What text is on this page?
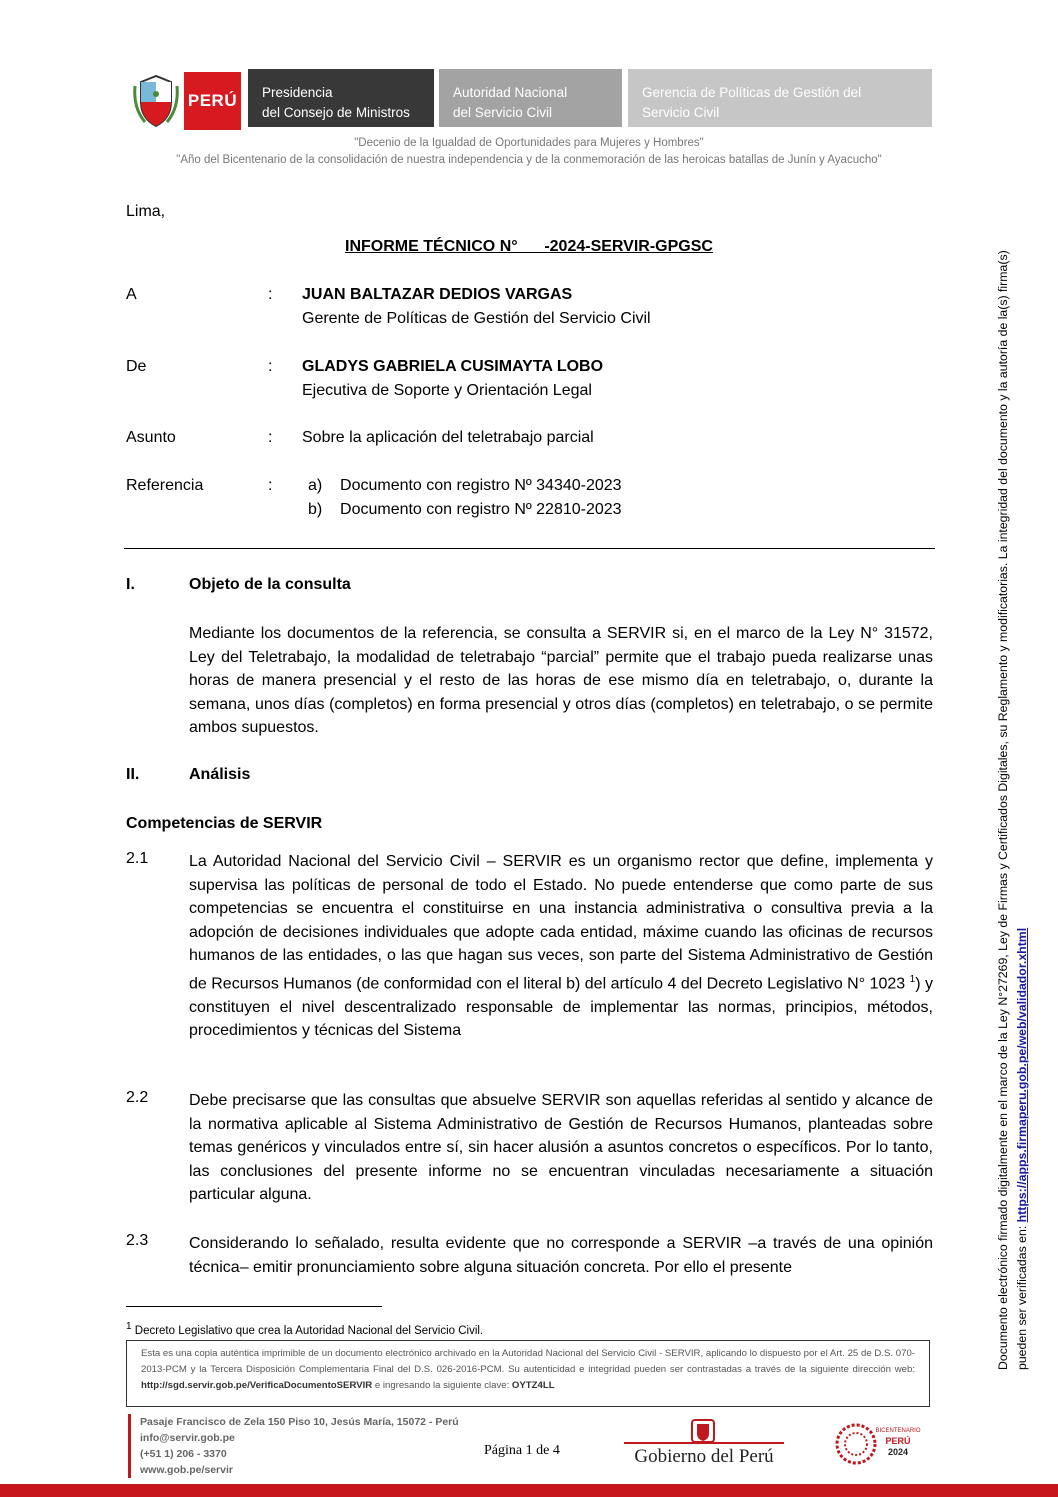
PERÚ Presidencia
del Consejo de Ministros
Autoridad Nacional
del Servicio Civil
Gerencia de Políticas de Gestión del
Servicio Civil
"Decenio de la Igualdad de Oportunidades para Mujeres y Hombres"
"Año del Bicentenario de la consolidación de nuestra independencia y de la conmemoración de las heroicas batallas de Junín y Ayacucho"
Lima,
INFORME TÉCNICO N°      -2024-SERVIR-GPGSC
A	: JUAN BALTAZAR DEDIOS VARGAS
Gerente de Políticas de Gestión del Servicio Civil
De	: GLADYS GABRIELA CUSIMAYTA LOBO
Ejecutiva de Soporte y Orientación Legal
Asunto	: Sobre la aplicación del teletrabajo parcial
Referencia	: a)    Documento con registro Nº 34340-2023
b)    Documento con registro Nº 22810-2023
I.	Objeto de la consulta
Mediante los documentos de la referencia, se consulta a SERVIR si, en el marco de la Ley N° 31572, Ley del Teletrabajo, la modalidad de teletrabajo “parcial” permite que el trabajo pueda realizarse unas horas de manera presencial y el resto de las horas de ese mismo día en teletrabajo, o, durante la semana, unos días (completos) en forma presencial y otros días (completos) en teletrabajo, o se permite ambos supuestos.
II.	Análisis
Competencias de SERVIR
2.1	La Autoridad Nacional del Servicio Civil – SERVIR es un organismo rector que define, implementa y supervisa las políticas de personal de todo el Estado. No puede entenderse que como parte de sus competencias se encuentra el constituirse en una instancia administrativa o consultiva previa a la adopción de decisiones individuales que adopte cada entidad, máxime cuando las oficinas de recursos humanos de las entidades, o las que hagan sus veces, son parte del Sistema Administrativo de Gestión de Recursos Humanos (de conformidad con el literal b) del artículo 4 del Decreto Legislativo N° 1023 $^1$) y constituyen el nivel descentralizado responsable de implementar las normas, principios, métodos, procedimientos y técnicas del Sistema
2.2	Debe precisarse que las consultas que absuelve SERVIR son aquellas referidas al sentido y alcance de la normativa aplicable al Sistema Administrativo de Gestión de Recursos Humanos, planteadas sobre temas genéricos y vinculados entre sí, sin hacer alusión a asuntos concretos o específicos. Por lo tanto, las conclusiones del presente informe no se encuentran vinculadas necesariamente a situación particular alguna.
2.3	Considerando lo señalado, resulta evidente que no corresponde a SERVIR –a través de una opinión técnica– emitir pronunciamiento sobre alguna situación concreta. Por ello el presente
$^1$ Decreto Legislativo que crea la Autoridad Nacional del Servicio Civil.
Esta es una copia auténtica imprimible de un documento electrónico archivado en la Autoridad Nacional del Servicio Civil - SERVIR, aplicando lo dispuesto por el Art. 25 de D.S. 070-2013-PCM y la Tercera Disposición Complementaria Final del D.S. 026-2016-PCM. Su autenticidad e integridad pueden ser contrastadas a través de la siguiente dirección web: http://sgd.servir.gob.pe/VerificaDocumentoSERVIR e ingresando la siguiente clave: OYTZ4LL
Pasaje Francisco de Zela 150 Piso 10, Jesús María, 15072 - Perú
info@servir.gob.pe
(+51 1) 206 - 3370
www.gob.pe/servir
Página 1 de 4	Gobierno del Perú
BICENTENARIO
PERÚ
2024
Documento electrónico firmado digitalmente en el marco de la Ley N°27269, Ley de Firmas y Certificados Digitales, su Reglamento y modificatorias. La integridad del documento y la autoría de la(s) firma(s) pueden ser verificadas en: https://apps.firmaperu.gob.pe/web/validador.xhtml
